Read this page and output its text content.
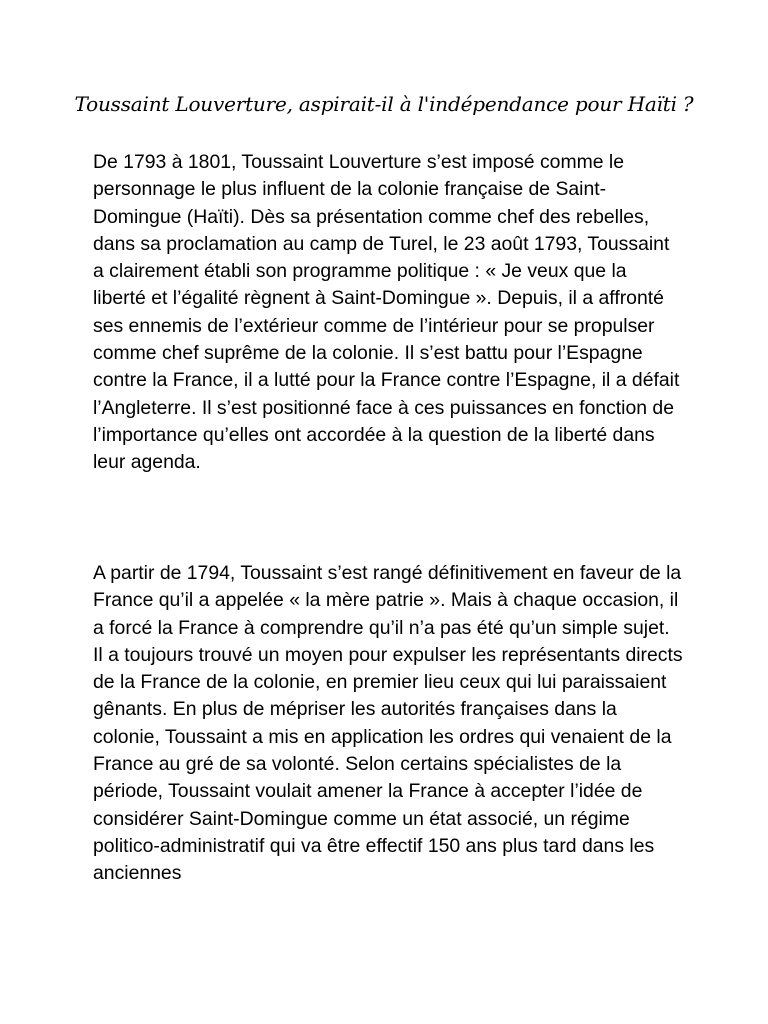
Toussaint Louverture, aspirait-il à l'indépendance pour Haïti ?

De 1793 à 1801, Toussaint Louverture s’est imposé comme le personnage le plus influent de la colonie française de Saint-Domingue (Haïti). Dès sa présentation comme chef des rebelles, dans sa proclamation au camp de Turel, le 23 août 1793, Toussaint a clairement établi son programme politique : « Je veux que la liberté et l’égalité règnent à Saint-Domingue ». Depuis, il a affronté ses ennemis de l’extérieur comme de l’intérieur pour se propulser comme chef suprême de la colonie. Il s’est battu pour l’Espagne contre la France, il a lutté pour la France contre l’Espagne, il a défait l’Angleterre. Il s’est positionné face à ces puissances en fonction de l’importance qu’elles ont accordée à la question de la liberté dans leur agenda.

A partir de 1794, Toussaint s’est rangé définitivement en faveur de la France qu’il a appelée « la mère patrie ». Mais à chaque occasion, il a forcé la France à comprendre qu’il n’a pas été qu’un simple sujet. Il a toujours trouvé un moyen pour expulser les représentants directs de la France de la colonie, en premier lieu ceux qui lui paraissaient gênants. En plus de mépriser les autorités françaises dans la colonie, Toussaint a mis en application les ordres qui venaient de la France au gré de sa volonté. Selon certains spécialistes de la période, Toussaint voulait amener la France à accepter l’idée de considérer Saint-Domingue comme un état associé, un régime politico-administratif qui va être effectif 150 ans plus tard dans les anciennes
